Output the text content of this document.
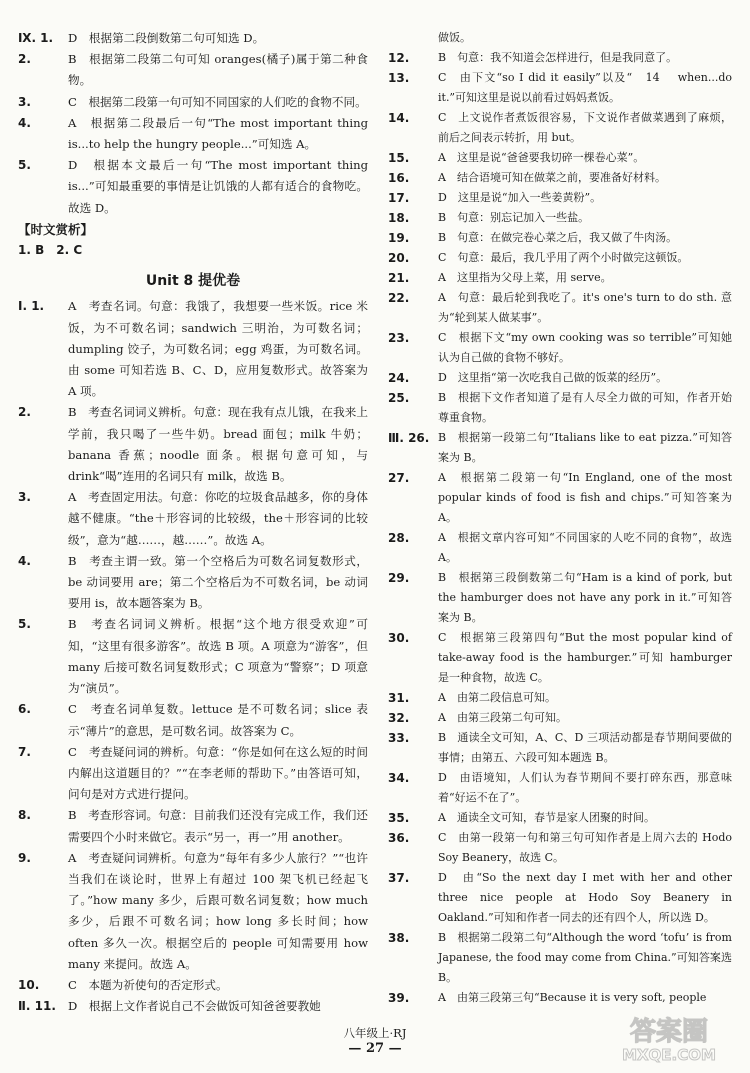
Ⅸ. 1.	D　根据第二段倒数第二句可知选 D。
2.	B　根据第二段第二句可知 oranges(橘子)属于第二种食物。
3.	C　根据第二段第一句可知不同国家的人们吃的食物不同。
4.	A　根据第二段最后一句“The most important thing is...to help the hungry people...”可知选 A。
5.	D　根据本文最后一句“The most important thing is...”可知最重要的事情是让饥饿的人都有适合的食物吃。故选 D。

【时文赏析】

1. B　2. C

Unit 8 提优卷

Ⅰ. 1.	A　考查名词。句意：我饿了，我想要一些米饭。rice 米饭，为不可数名词；sandwich 三明治，为可数名词；dumpling 饺子，为可数名词；egg 鸡蛋，为可数名词。由 some 可知若选 B、C、D，应用复数形式。故答案为 A 项。
2.	B　考查名词词义辨析。句意：现在我有点儿饿，在我来上学前，我只喝了一些牛奶。bread 面包；milk 牛奶；banana 香蕉；noodle 面条。根据句意可知，与 drink“喝”连用的名词只有 milk，故选 B。
3.	A　考查固定用法。句意：你吃的垃圾食品越多，你的身体越不健康。“the＋形容词的比较级，the＋形容词的比较级”，意为“越……，越……”。故选 A。
4.	B　考查主谓一致。第一个空格后为可数名词复数形式，be 动词要用 are；第二个空格后为不可数名词，be 动词要用 is，故本题答案为 B。
5.	B　考查名词词义辨析。根据“这个地方很受欢迎”可知，“这里有很多游客”。故选 B 项。A 项意为“游客”，但 many 后接可数名词复数形式；C 项意为“警察”；D 项意为“演员”。
6.	C　考查名词单复数。lettuce 是不可数名词；slice 表示“薄片”的意思，是可数名词。故答案为 C。
7.	C　考查疑问词的辨析。句意：“你是如何在这么短的时间内解出这道题目的？”“在李老师的帮助下。”由答语可知，问句是对方式进行提问。
8.	B　考查形容词。句意：目前我们还没有完成工作，我们还需要四个小时来做它。表示“另一，再一”用 another。
9.	A　考查疑问词辨析。句意为“每年有多少人旅行？”“也许当我们在谈论时，世界上有超过 100 架飞机已经起飞了。”how many 多少，后跟可数名词复数；how much 多少，后跟不可数名词；how long 多长时间；how often 多久一次。根据空后的 people 可知需要用 how many 来提问。故选 A。
10.	C　本题为祈使句的否定形式。
Ⅱ. 11.	D　根据上文作者说自己不会做饭可知爸爸要教她
做饭。
12.	B　句意：我不知道会怎样进行，但是我同意了。
13.	C　由下文“so I did it easily”以及“　14　 when...do it.”可知这里是说以前看过妈妈煮饭。
14.	C　上文说作者煮饭很容易，下文说作者做菜遇到了麻烦，前后之间表示转折，用 but。
15.	A　这里是说“爸爸要我切碎一棵卷心菜”。
16.	A　结合语境可知在做菜之前，要准备好材料。
17.	D　这里是说“加入一些姜黄粉”。
18.	B　句意：别忘记加入一些盐。
19.	B　句意：在做完卷心菜之后，我又做了牛肉汤。
20.	C　句意：最后，我几乎用了两个小时做完这顿饭。
21.	A　这里指为父母上菜，用 serve。
22.	A　句意：最后轮到我吃了。it's one's turn to do sth. 意为“轮到某人做某事”。
23.	C　根据下文“my own cooking was so terrible”可知她认为自己做的食物不够好。
24.	D　这里指“第一次吃我自己做的饭菜的经历”。
25.	B　根据下文作者知道了是有人尽全力做的可知，作者开始尊重食物。
Ⅲ. 26. B　根据第一段第二句“Italians like to eat pizza.”可知答案为 B。
27.	A　根据第二段第一句“In England, one of the most popular kinds of food is fish and chips.”可知答案为 A。
28.	A　根据文章内容可知“不同国家的人吃不同的食物”，故选 A。
29.	B　根据第三段倒数第二句“Ham is a kind of pork, but the hamburger does not have any pork in it.”可知答案为 B。
30.	C　根据第三段第四句“But the most popular kind of take-away food is the hamburger.”可知 hamburger 是一种食物，故选 C。
31.	A　由第二段信息可知。
32.	A　由第三段第二句可知。
33.	B　通读全文可知，A、C、D 三项活动都是春节期间要做的事情；由第五、六段可知本题选 B。
34.	D　由语境知，人们认为春节期间不要打碎东西，那意味着“好运不在了”。
35.	A　通读全文可知，春节是家人团聚的时间。
36.	C　由第一段第一句和第三句可知作者是上周六去的 Hodo Soy Beanery，故选 C。
37.	D　由“So the next day I met with her and other three nice people at Hodo Soy Beanery in Oakland.”可知和作者一同去的还有四个人，所以选 D。
38.	B　根据第二段第二句“Although the word ‘tofu’ is from Japanese, the food may come from China.”可知答案选 B。
39.	A　由第三段第三句“Because it is very soft, people
八年级上·RJ
— 27 —
答案圈
MXQE.COM
